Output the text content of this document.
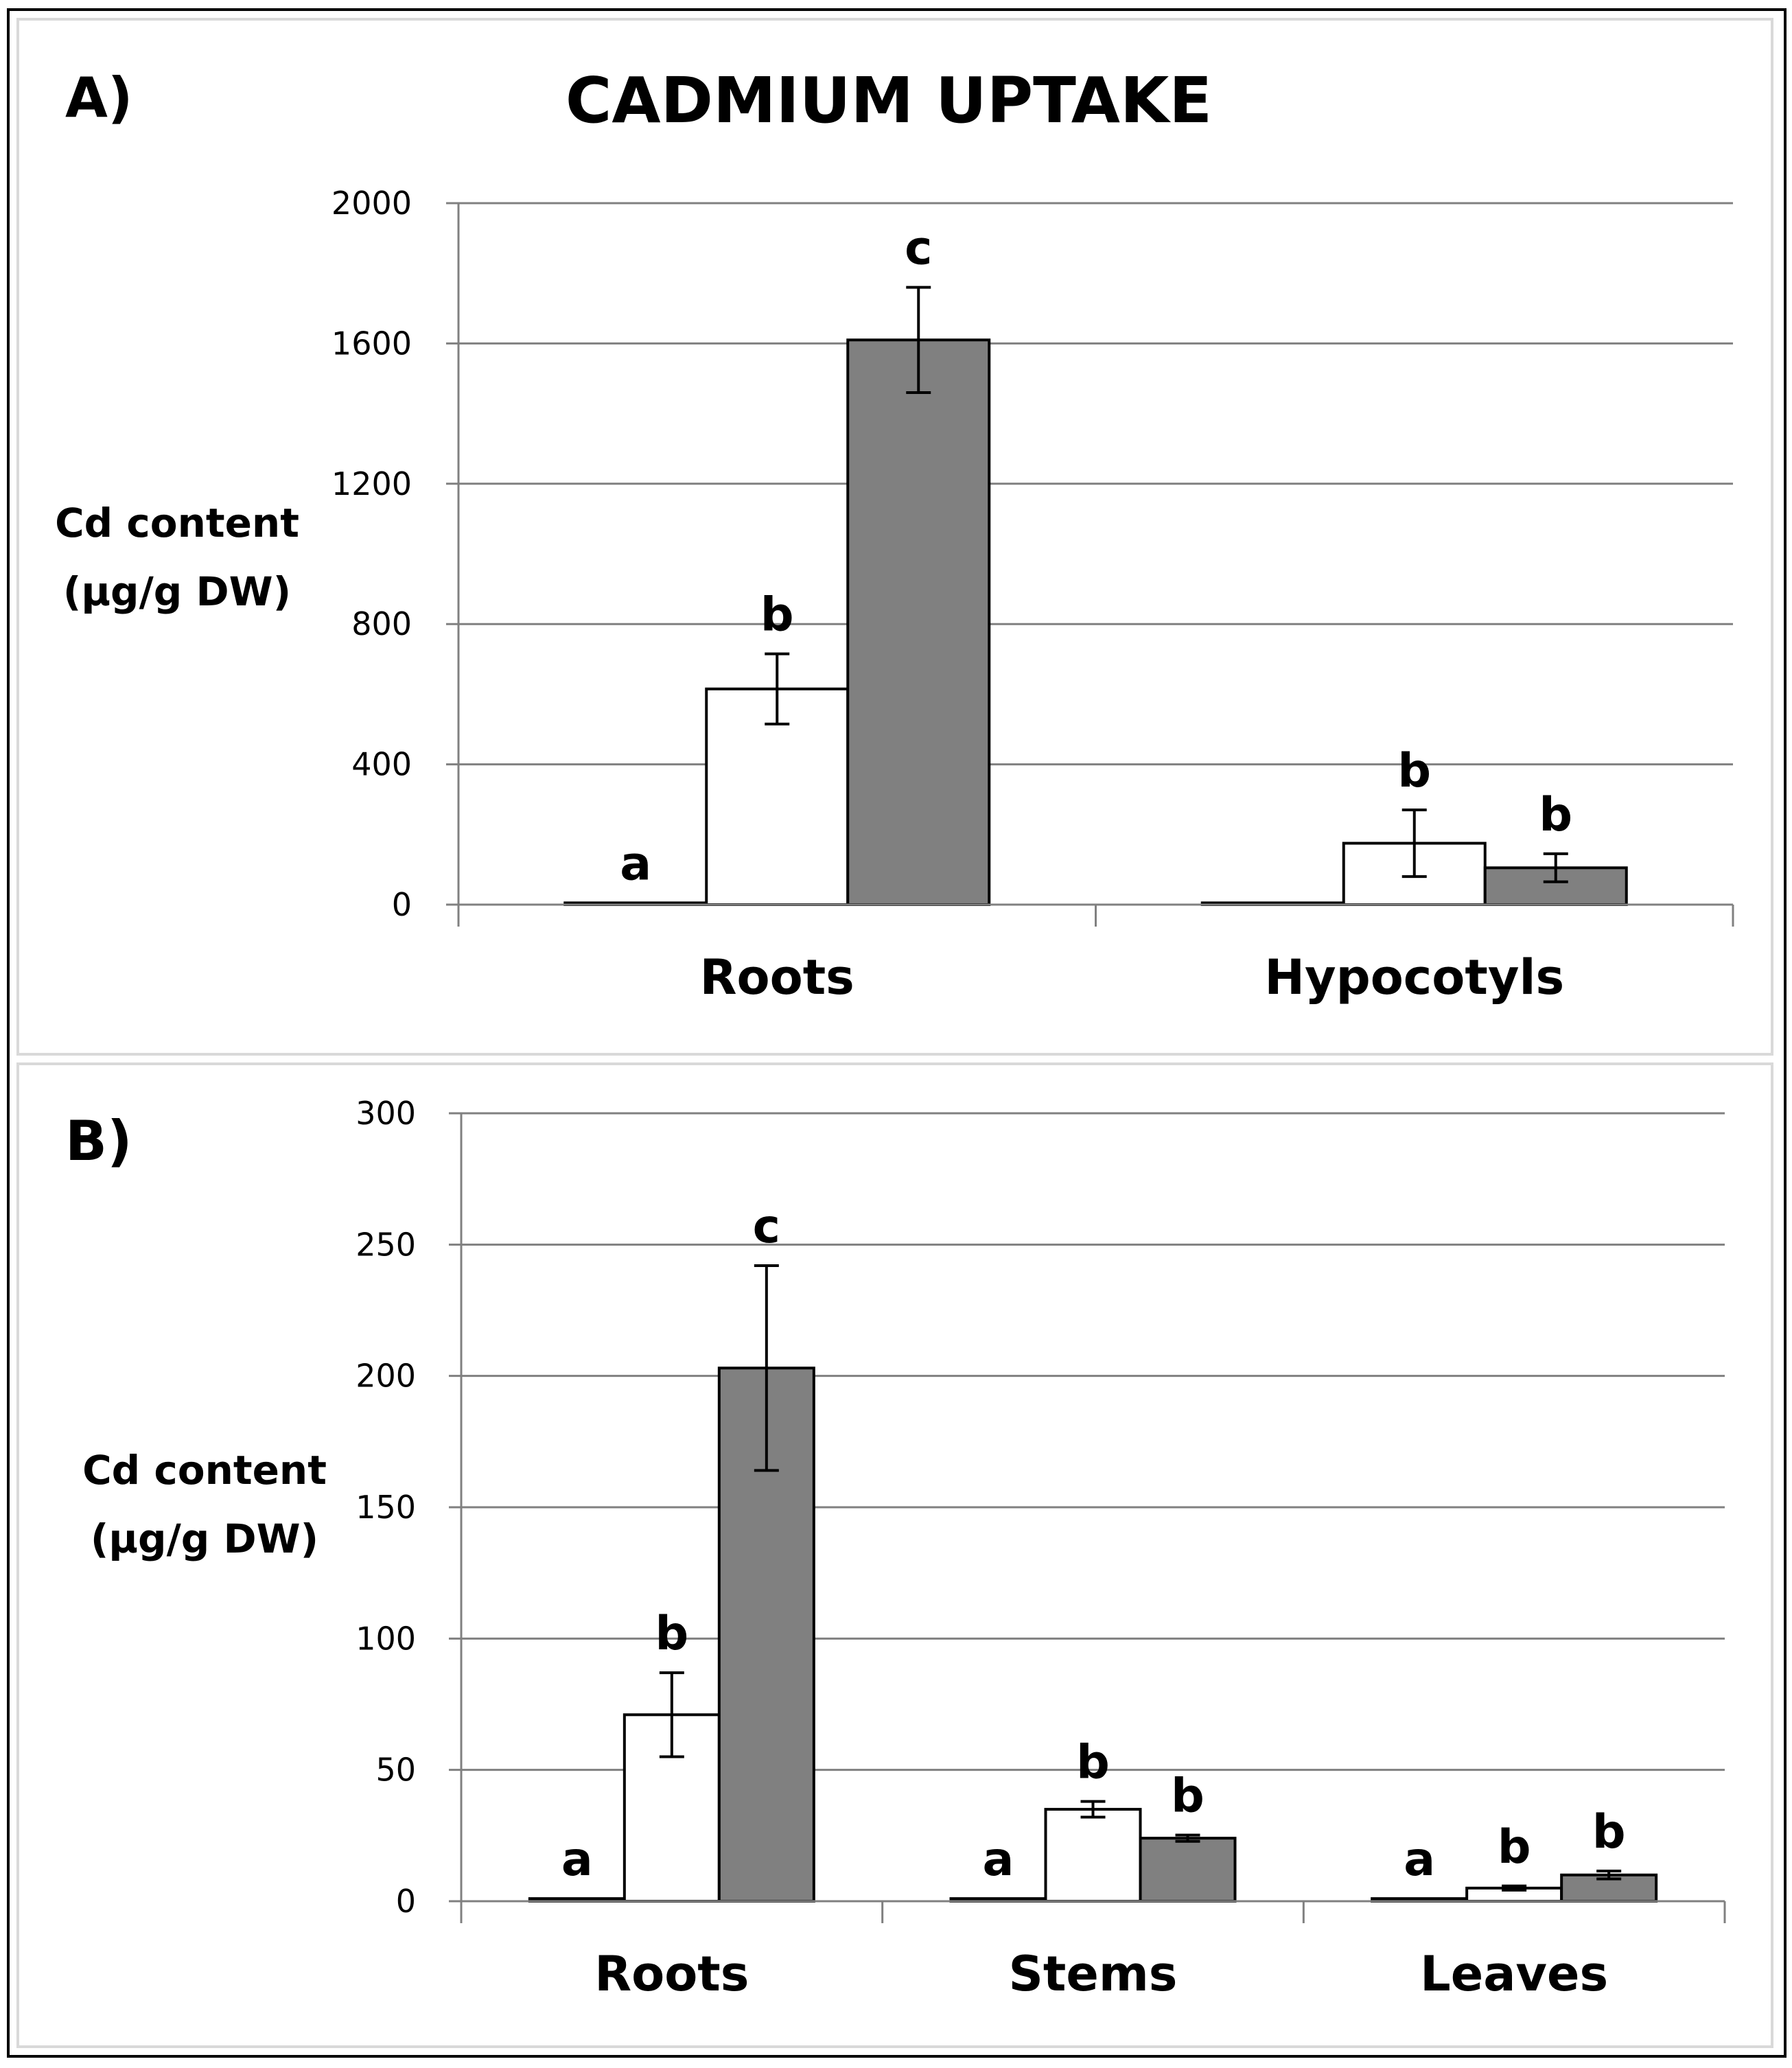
CADMIUM UPTAKE
A)
Cd content
(µg/g DW)
0
400
800
1200
1600
2000
a
b
c
b
b
Roots	Hypocotyls
B)
Cd content
(µg/g DW)
0
50
100
150
200
250
300
a
b
c
a
b
b
a b b
Roots	Stems	Leaves
